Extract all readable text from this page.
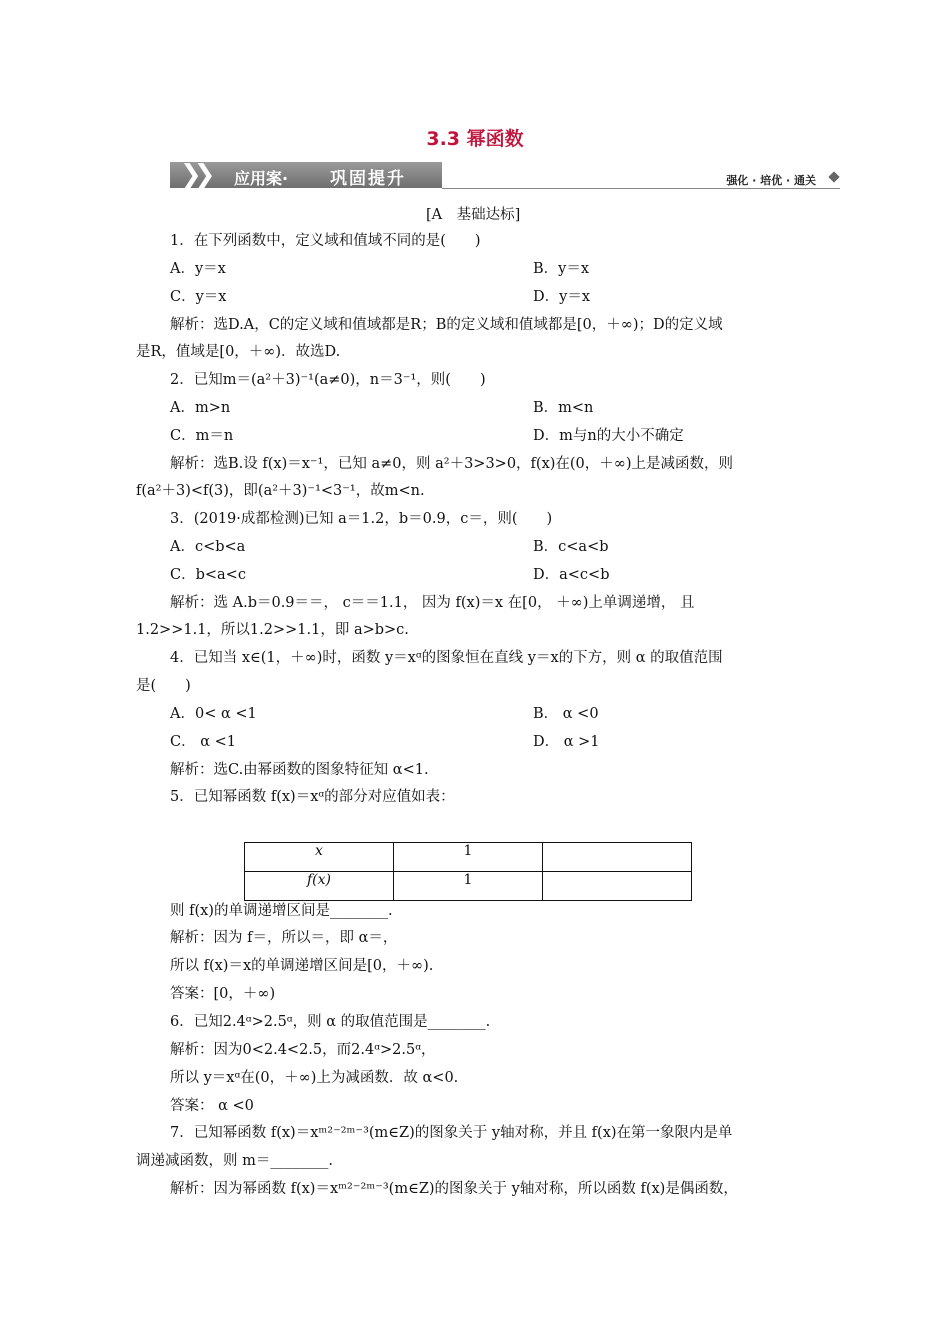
3.3 幂函数
❯❯ 应用案· 巩固提升	强化 · 培优 · 通关
[A　基础达标]
1．在下列函数中，定义域和值域不同的是(　　)
A．y＝x	B．y＝x
C．y＝x	D．y＝x
解析：选D.A，C的定义域和值域都是R；B的定义域和值域都是[0，＋∞)；D的定义域
是R，值域是[0，＋∞)．故选D.
2．已知m＝(a²＋3)⁻¹(a≠0)，n＝3⁻¹，则(　　)
A．m>n	B．m<n
C．m＝n	D．m与n的大小不确定
解析：选B.设 f(x)＝x⁻¹，已知 a≠0，则 a²＋3>3>0，f(x)在(0，＋∞)上是减函数，则
f(a²＋3)<f(3)，即(a²＋3)⁻¹<3⁻¹，故m<n.
3．(2019·成都检测)已知 a＝1.2，b＝0.9，c＝，则(　　)
A．c<b<a	B．c<a<b
C．b<a<c	D．a<c<b
解析：选 A.b＝0.9＝＝， c＝＝1.1， 因为 f(x)＝x 在[0， ＋∞)上单调递增， 且
1.2>>1.1，所以1.2>>1.1，即 a>b>c.
4．已知当 x∈(1，＋∞)时，函数 y＝xᵅ的图象恒在直线 y＝x的下方，则 α 的取值范围
是(　　)
A．0< α <1	B． α <0
C． α <1	D． α >1
解析：选C.由幂函数的图象特征知 α<1.
5．已知幂函数 f(x)＝xᵅ的部分对应值如表：
x	1	
f(x)	1	
则 f(x)的单调递增区间是________.
解析：因为 f＝，所以＝，即 α＝，
所以 f(x)＝x的单调递增区间是[0，＋∞).
答案：[0，＋∞)
6．已知2.4ᵅ>2.5ᵅ，则 α 的取值范围是________.
解析：因为0<2.4<2.5，而2.4ᵅ>2.5ᵅ，
所以 y＝xᵅ在(0，＋∞)上为减函数．故 α<0.
答案： α <0
7．已知幂函数 f(x)＝xᵐ²⁻²ᵐ⁻³(m∈Z)的图象关于 y轴对称，并且 f(x)在第一象限内是单
调递减函数，则 m＝________.
解析：因为幂函数 f(x)＝xᵐ²⁻²ᵐ⁻³(m∈Z)的图象关于 y轴对称，所以函数 f(x)是偶函数，
